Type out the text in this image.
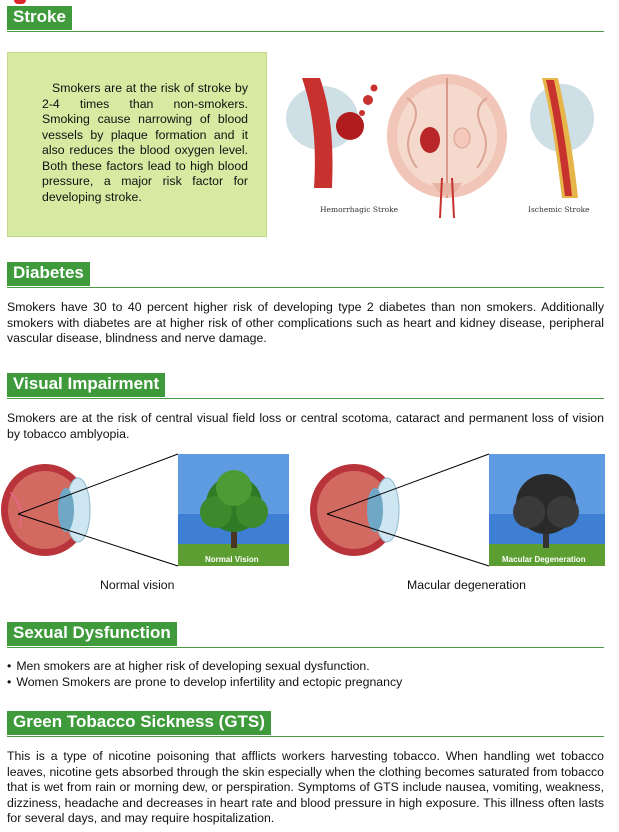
Stroke

Smokers are at the risk of stroke by 2-4 times than non-smokers. Smoking cause narrowing of blood vessels by plaque formation and it also reduces the blood oxygen level. Both these factors lead to high blood pressure, a major risk factor for developing stroke.

Hemorrhagic Stroke	Ischemic Stroke
Diabetes
Smokers have 30 to 40 percent higher risk of developing type 2 diabetes than non smokers. Additionally smokers with diabetes are at higher risk of other complications such as heart and kidney disease, peripheral vascular disease, blindness and nerve damage.
Visual Impairment
Smokers are at the risk of central visual field loss or central scotoma, cataract and permanent loss of vision by tobacco amblyopia.
Normal Vision	Macular Degeneration
Normal vision	Macular degeneration
Sexual Dysfunction
• Men smokers are at higher risk of developing sexual dysfunction.
• Women Smokers are prone to develop infertility and ectopic pregnancy
Green Tobacco Sickness (GTS)
This is a type of nicotine poisoning that afflicts workers harvesting tobacco. When handling wet tobacco leaves, nicotine gets absorbed through the skin especially when the clothing becomes saturated from tobacco that is wet from rain or morning dew, or perspiration. Symptoms of GTS include nausea, vomiting, weakness, dizziness, headache and decreases in heart rate and blood pressure in high exposure. This illness often lasts for several days, and may require hospitalization.
